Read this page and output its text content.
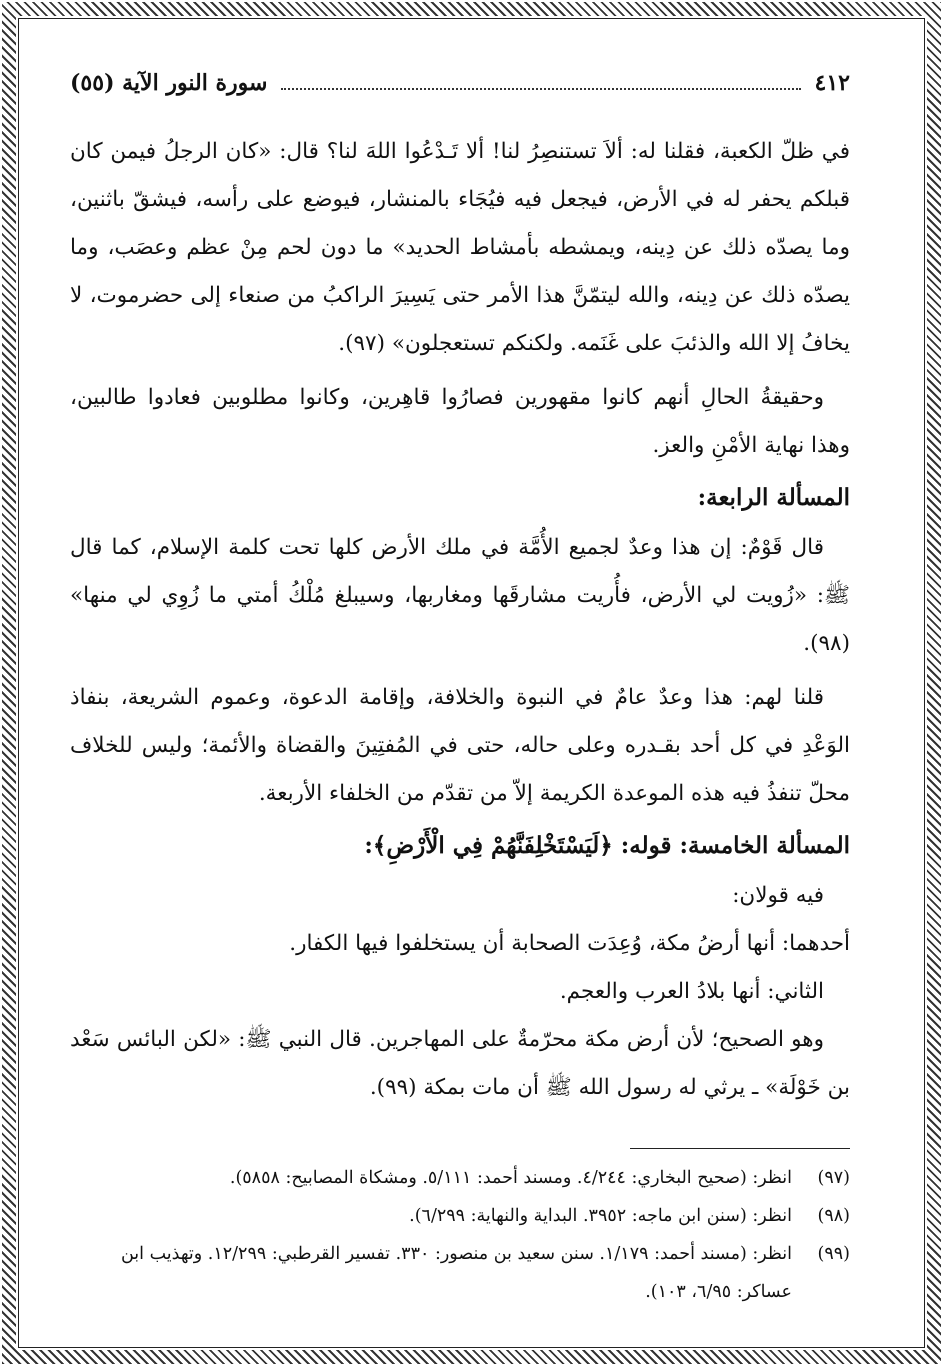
٤١٢
سورة النور الآية (٥٥)

في ظلّ الكعبة، فقلنا له: ألاَ تستنصِرُ لنا! ألا تَـدْعُوا اللهَ لنا؟ قال: «كان الرجلُ فيمن كان قبلكم يحفر له في الأرض، فيجعل فيه فيُجَاء بالمنشار، فيوضع على رأسه، فيشقّ باثنين، وما يصدّه ذلك عن دِينه، ويمشطه بأمشاط الحديد» ما دون لحم مِنْ عظم وعصَب، وما يصدّه ذلك عن دِينه، والله ليتمّنَّ هذا الأمر حتى يَسِيرَ الراكبُ من صنعاء إلى حضرموت، لا يخافُ إلا الله والذئبَ على غَنَمه. ولكنكم تستعجلون» (٩٧).

وحقيقةُ الحالِ أنهم كانوا مقهورين فصارُوا قاهِرين، وكانوا مطلوبين فعادوا طالبين، وهذا نهاية الأمْنِ والعز.

المسألة الرابعة:

قال قَوْمٌ: إن هذا وعدٌ لجميع الأُمَّة في ملك الأرض كلها تحت كلمة الإسلام، كما قال ﷺ: «زُويت لي الأرض، فأُريت مشارقَها ومغاربها، وسيبلغ مُلْكُ أمتي ما زُوِي لي منها» (٩٨).

قلنا لهم: هذا وعدٌ عامٌ في النبوة والخلافة، وإقامة الدعوة، وعموم الشريعة، بنفاذ الوَعْدِ في كل أحد بقـدره وعلى حاله، حتى في المُفتِينَ والقضاة والأئمة؛ وليس للخلاف محلّ تنفذُ فيه هذه الموعدة الكريمة إلاّ من تقدّم من الخلفاء الأربعة.

المسألة الخامسة: قوله: ﴿لَيَسْتَخْلِفَنَّهُمْ فِي الْأَرْضِ﴾:

فيه قولان:

أحدهما: أنها أرضُ مكة، وُعِدَت الصحابة أن يستخلفوا فيها الكفار.

الثاني: أنها بلادُ العرب والعجم.

وهو الصحيح؛ لأن أرض مكة محرّمةٌ على المهاجرين. قال النبي ﷺ: «لكن البائس سَعْد بن خَوْلَة» ـ يرثي له رسول الله ﷺ أن مات بمكة (٩٩).

(٩٧)
انظر: (صحيح البخاري: ٤/٢٤٤. ومسند أحمد: ٥/١١١. ومشكاة المصابيح: ٥٨٥٨).
(٩٨)
انظر: (سنن ابن ماجه: ٣٩٥٢. البداية والنهاية: ٦/٢٩٩).
(٩٩)
انظر: (مسند أحمد: ١/١٧٩. سنن سعيد بن منصور: ٣٣٠. تفسير القرطبي: ١٢/٢٩٩. وتهذيب ابن عساكر: ٦/٩٥، ١٠٣).
